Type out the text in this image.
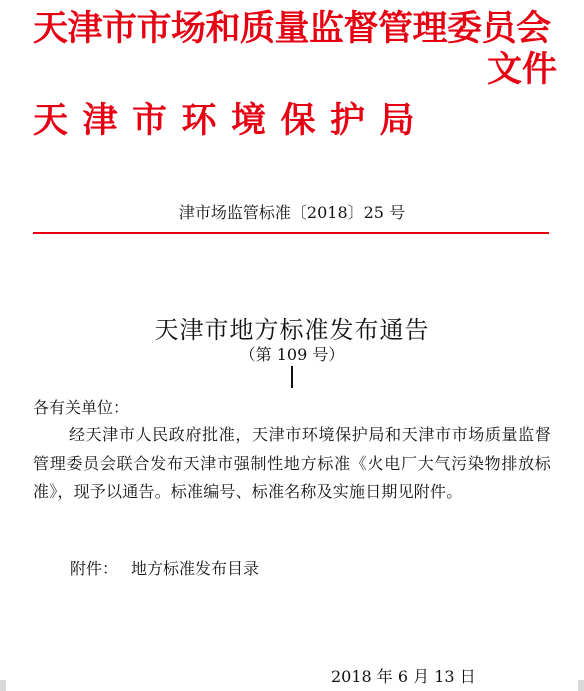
天津市市场和质量监督管理委员会
文件
天津市环境保护局
津市场监管标准〔2018〕25 号
天津市地方标准发布通告
（第 109 号）
各有关单位：
经天津市人民政府批准，天津市环境保护局和天津市市场质量监督管理委员会联合发布天津市强制性地方标准《火电厂大气污染物排放标准》，现予以通告。标准编号、标准名称及实施日期见附件。
附件： 地方标准发布目录
2018 年 6 月 13 日
